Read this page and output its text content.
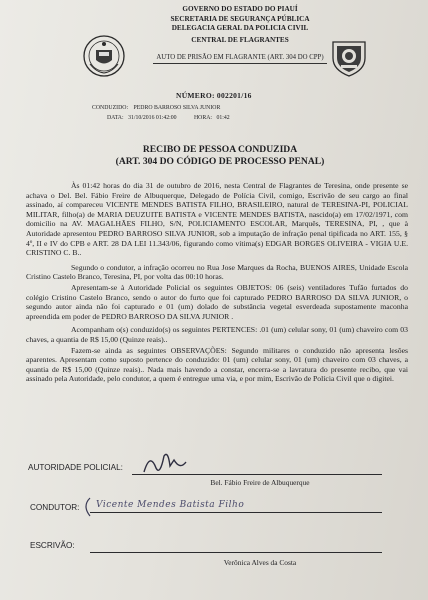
GOVERNO DO ESTADO DO PIAUÍ
SECRETARIA DE SEGURANÇA PÚBLICA
DELEGACIA GERAL DA POLICIA CIVIL
CENTRAL DE FLAGRANTES
AUTO DE PRISÃO EM FLAGRANTE (ART. 304 DO CPP)
NÚMERO: 002201/16
CONDUZIDO: PEDRO BARROSO SILVA JUNIOR
DATA: 31/10/2016 01:42:00	HORA: 01:42
RECIBO DE PESSOA CONDUZIDA
(ART. 304 DO CÓDIGO DE PROCESSO PENAL)

Às 01:42 horas do dia 31 de outubro de 2016, nesta Central de Flagrantes de Teresina, onde presente se achava o Del. Bel. Fábio Freire de Albuquerque, Delegado de Polícia Civil, comigo, Escrivão de seu cargo ao final assinado, aí compareceu VICENTE MENDES BATISTA FILHO, BRASILEIRO, natural de TERESINA-PI, POLICIAL MILITAR, filho(a) de MARIA DEUZUITE BATISTA e VICENTE MENDES BATISTA, nascido(a) em 17/02/1971, com domicílio na AV. MAGALHÃES FILHO, S/N, POLICIAMENTO ESCOLAR, Marquês, TERESINA, PI, , que à Autoridade apresentou PEDRO BARROSO SILVA JUNIOR, sob a imputação de infração penal tipificada no ART. 155, § 4º, II e IV do CPB e ART. 28 DA LEI 11.343/06, figurando como vítima(s) EDGAR BORGES OLIVEIRA - VIGIA U.E. CRISTINO C. B..

Segundo o condutor, a infração ocorreu no Rua Jose Marques da Rocha, BUENOS AIRES, Unidade Escola Cristino Castelo Branco, Teresina, PI, por volta das 00:10 horas.

Apresentam-se à Autoridade Policial os seguintes OBJETOS: 06 (seis) ventiladores Tufão furtados do colégio Cristino Castelo Branco, sendo o autor do furto que foi capturado PEDRO BARROSO DA SILVA JUNIOR, o segundo autor ainda não foi capturado e 01 (um) dolado de substância vegetal esverdeada supostamente maconha apreendida em poder de PEDRO BARROSO DA SILVA JUNIOR .

Acompanham o(s) conduzido(s) os seguintes PERTENCES: .01 (um) celular sony, 01 (um) chaveiro com 03 chaves, a quantia de R$ 15,00 (Quinze reais)..

Fazem-se ainda as seguintes OBSERVAÇÕES: Segundo militares o conduzido não apresenta lesões aparentes. Apresentam como suposto pertence do conduzido: 01 (um) celular sony, 01 (um) chaveiro com 03 chaves, a quantia de R$ 15,00 (Quinze reais).. Nada mais havendo a constar, encerra-se a lavratura do presente recibo, que vai assinado pela Autoridade, pelo condutor, a quem é entregue uma via, e por mim, Escrivão de Polícia Civil que o digitei.

AUTORIDADE POLICIAL:
Bel. Fábio Freire de Albuquerque
CONDUTOR: Vicente Mendes Batista Filho
ESCRIVÃO:
Verônica Alves da Costa
